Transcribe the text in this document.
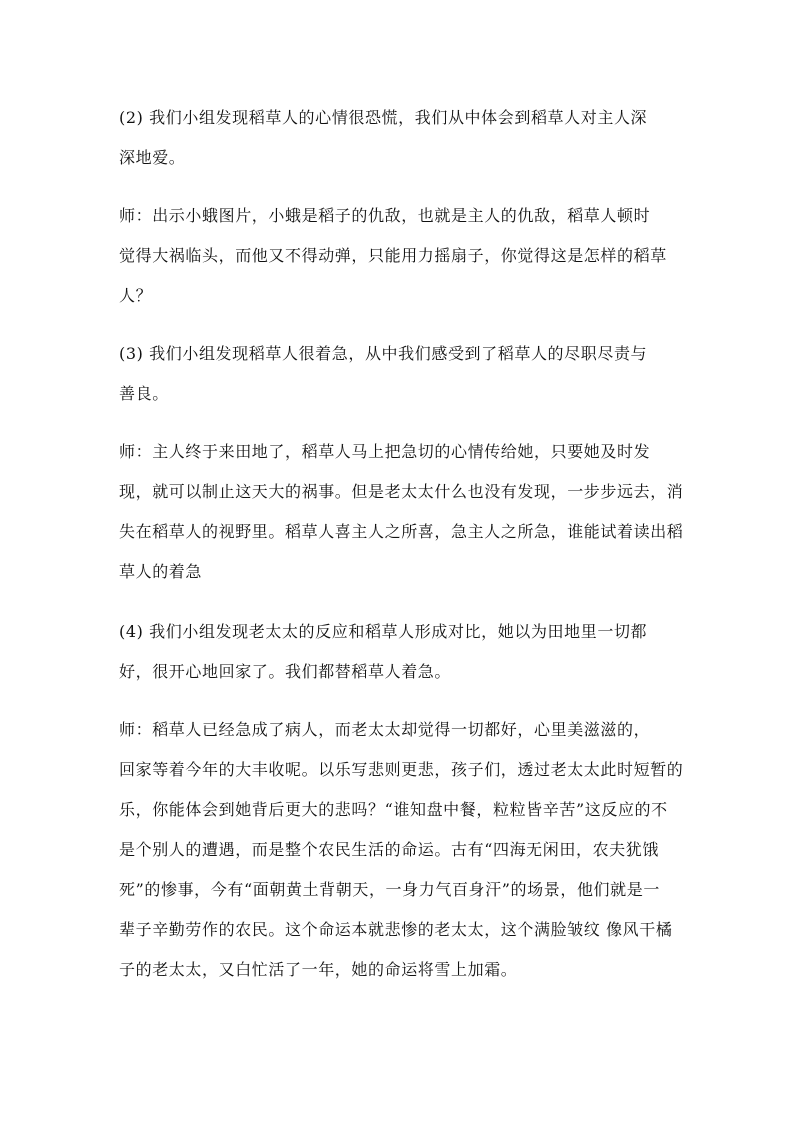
(2) 我们小组发现稻草人的心情很恐慌，我们从中体会到稻草人对主人深
深地爱。

师：出示小蛾图片，小蛾是稻子的仇敌，也就是主人的仇敌，稻草人顿时
觉得大祸临头，而他又不得动弹，只能用力摇扇子，你觉得这是怎样的稻草
人？

(3) 我们小组发现稻草人很着急，从中我们感受到了稻草人的尽职尽责与
善良。

师：主人终于来田地了，稻草人马上把急切的心情传给她，只要她及时发
现，就可以制止这天大的祸事。但是老太太什么也没有发现，一步步远去，消
失在稻草人的视野里。稻草人喜主人之所喜，急主人之所急，谁能试着读出稻
草人的着急

(4) 我们小组发现老太太的反应和稻草人形成对比，她以为田地里一切都
好，很开心地回家了。我们都替稻草人着急。

师：稻草人已经急成了病人，而老太太却觉得一切都好，心里美滋滋的，
回家等着今年的大丰收呢。以乐写悲则更悲，孩子们，透过老太太此时短暂的
乐，你能体会到她背后更大的悲吗？“谁知盘中餐，粒粒皆辛苦”这反应的不
是个别人的遭遇，而是整个农民生活的命运。古有“四海无闲田，农夫犹饿
死”的惨事，今有“面朝黄土背朝天，一身力气百身汗”的场景，他们就是一
辈子辛勤劳作的农民。这个命运本就悲惨的老太太，这个满脸皱纹 像风干橘
子的老太太，又白忙活了一年，她的命运将雪上加霜。
